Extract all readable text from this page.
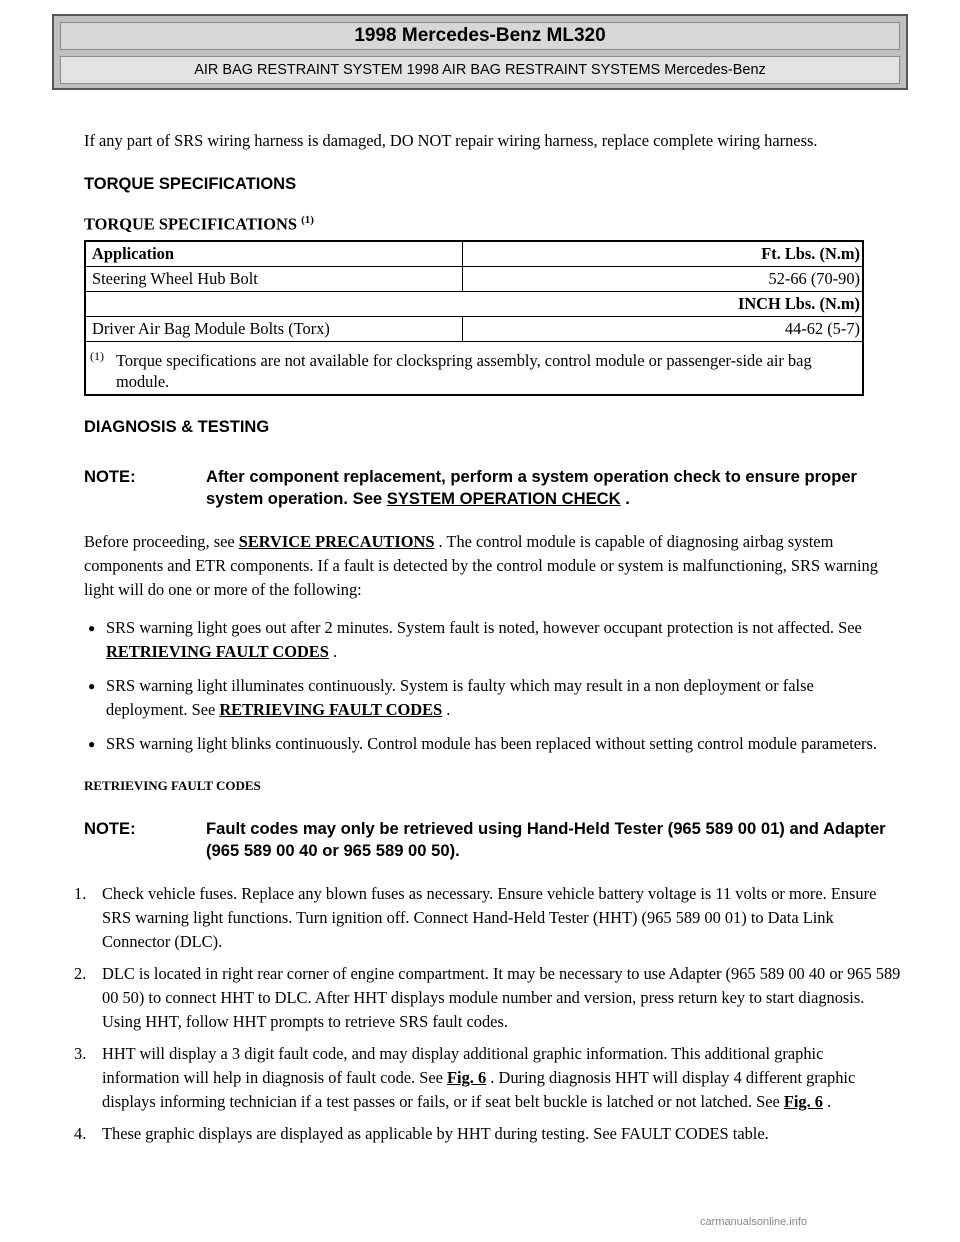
1998 Mercedes-Benz ML320
AIR BAG RESTRAINT SYSTEM 1998 AIR BAG RESTRAINT SYSTEMS Mercedes-Benz
If any part of SRS wiring harness is damaged, DO NOT repair wiring harness, replace complete wiring harness.
TORQUE SPECIFICATIONS
TORQUE SPECIFICATIONS $^{(1)}$
Application	Ft. Lbs. (N.m)
Steering Wheel Hub Bolt	52-66 (70-90)
INCH Lbs. (N.m)
Driver Air Bag Module Bolts (Torx)	44-62 (5-7)
(1) Torque specifications are not available for clockspring assembly, control module or passenger-side air bag module.
DIAGNOSIS & TESTING
NOTE:	After component replacement, perform a system operation check to ensure proper system operation. See SYSTEM OPERATION CHECK .
Before proceeding, see SERVICE PRECAUTIONS . The control module is capable of diagnosing airbag system components and ETR components. If a fault is detected by the control module or system is malfunctioning, SRS warning light will do one or more of the following:
● SRS warning light goes out after 2 minutes. System fault is noted, however occupant protection is not affected. See RETRIEVING FAULT CODES .
● SRS warning light illuminates continuously. System is faulty which may result in a non deployment or false deployment. See RETRIEVING FAULT CODES .
● SRS warning light blinks continuously. Control module has been replaced without setting control module parameters.
RETRIEVING FAULT CODES
NOTE:	Fault codes may only be retrieved using Hand-Held Tester (965 589 00 01) and Adapter (965 589 00 40 or 965 589 00 50).
1. Check vehicle fuses. Replace any blown fuses as necessary. Ensure vehicle battery voltage is 11 volts or more. Ensure SRS warning light functions. Turn ignition off. Connect Hand-Held Tester (HHT) (965 589 00 01) to Data Link Connector (DLC).
2. DLC is located in right rear corner of engine compartment. It may be necessary to use Adapter (965 589 00 40 or 965 589 00 50) to connect HHT to DLC. After HHT displays module number and version, press return key to start diagnosis. Using HHT, follow HHT prompts to retrieve SRS fault codes.
3. HHT will display a 3 digit fault code, and may display additional graphic information. This additional graphic information will help in diagnosis of fault code. See Fig. 6 . During diagnosis HHT will display 4 different graphic displays informing technician if a test passes or fails, or if seat belt buckle is latched or not latched. See Fig. 6 .
4. These graphic displays are displayed as applicable by HHT during testing. See FAULT CODES table.
carmanualsonline.info
